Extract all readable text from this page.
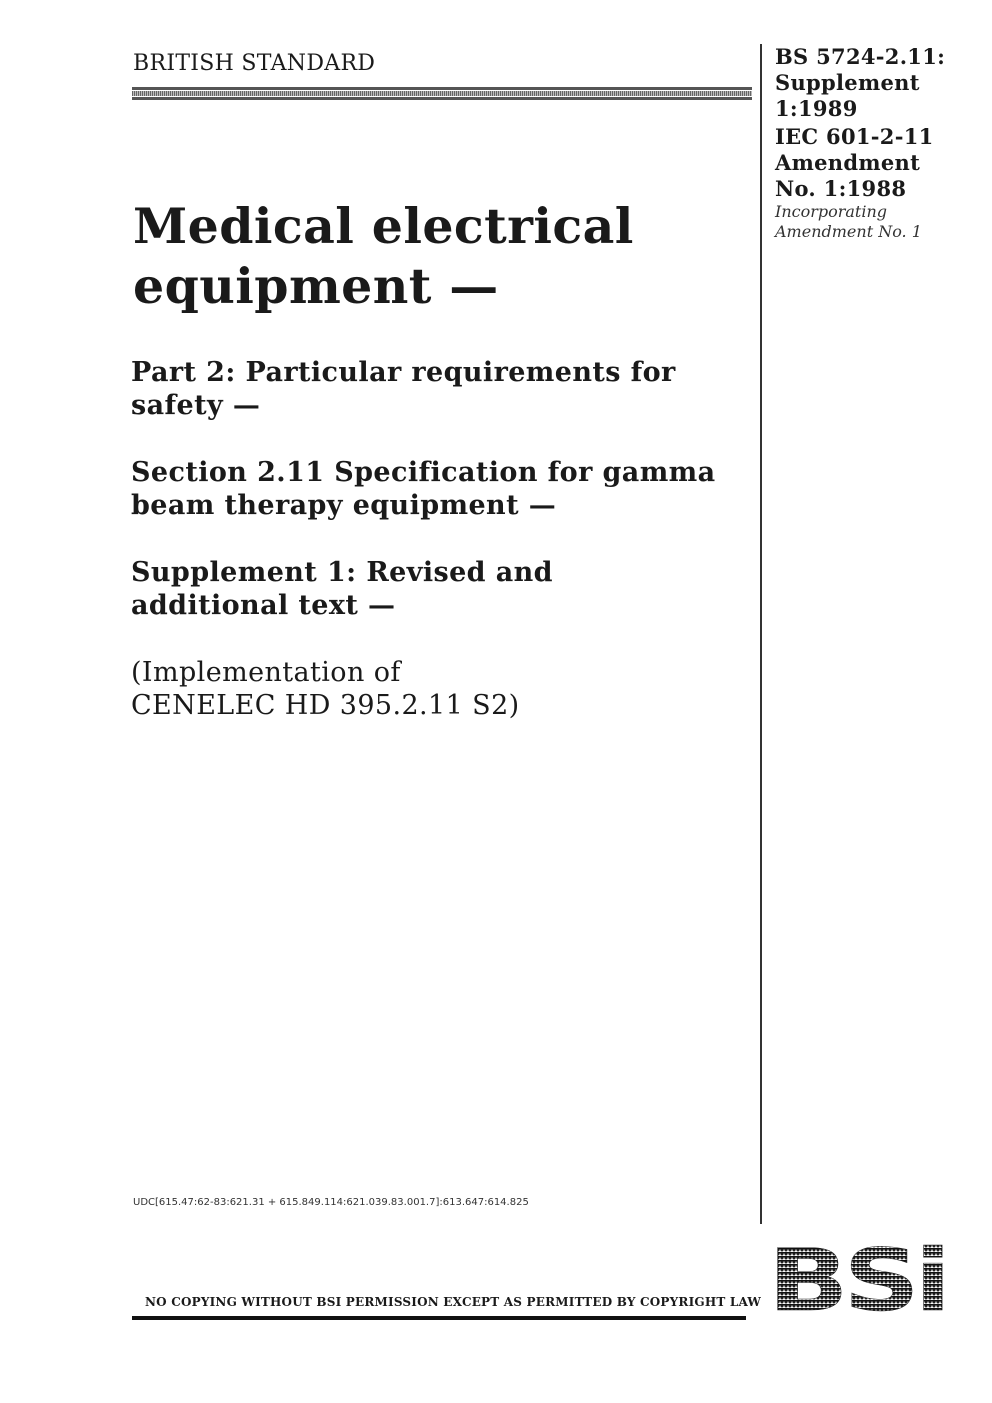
BRITISH STANDARD	BS 5724-2.11:
Supplement
1:1989
IEC 601-2-11
Amendment
No. 1:1988
Incorporating
Amendment No. 1
Medical electrical
equipment —
Part 2: Particular requirements for
safety —
Section 2.11 Specification for gamma
beam therapy equipment —
Supplement 1: Revised and
additional text —
(Implementation of
CENELEC HD 395.2.11 S2)
UDC[615.47:62-83:621.31 + 615.849.114:621.039.83.001.7]:613.647:614.825
NO COPYING WITHOUT BSI PERMISSION EXCEPT AS PERMITTED BY COPYRIGHT LAW BSi
